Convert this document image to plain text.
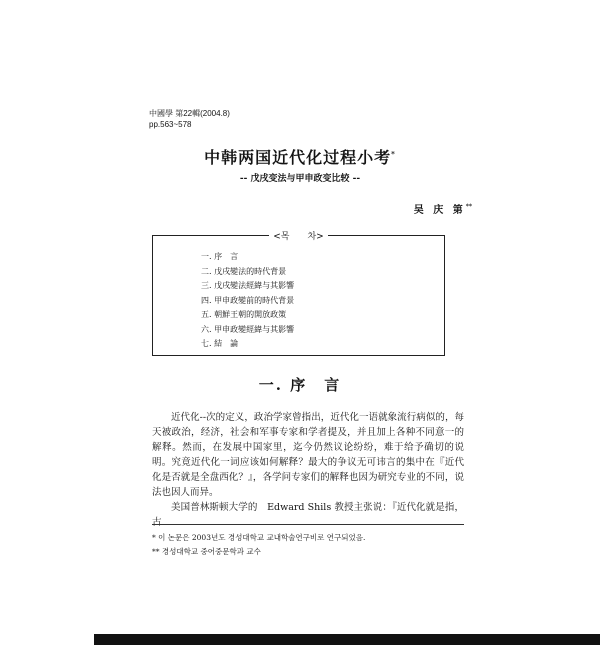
中國學 第22輯(2004.8)
pp.563~578
中韩两国近代化过程小考*
-- 戊戌变法与甲申政变比较 --
吴 庆 第**
<목　　차>
一. 序　言
二. 戊戌變法的時代背景
三. 戊戌變法經緯与其影響
四. 甲申政變前的時代背景
五. 朝鮮王朝的開放政策
六. 甲申政變經緯与其影響
七. 結　論
一. 序　言

近代化--次的定义，政治学家曾指出，近代化一语就象流行病似的，每天被政治，经济，社会和军事专家和学者提及，并且加上各种不同意一的解释。然而，在发展中国家里，迄今仍然议论纷纷，难于给予确切的说明。究竟近代化一词应该如何解释？最大的争议无可讳言的集中在『近代化是否就是全盘西化？』，各学问专家们的解释也因为研究专业的不同，说法也因人而异。

美国普林斯顿大学的　Edward Shils 教授主张说：『近代化就是指，古

* 이 논문은 2003년도 경성대학교 교내학술연구비로 연구되었음.
** 경성대학교 중어중문학과 교수
